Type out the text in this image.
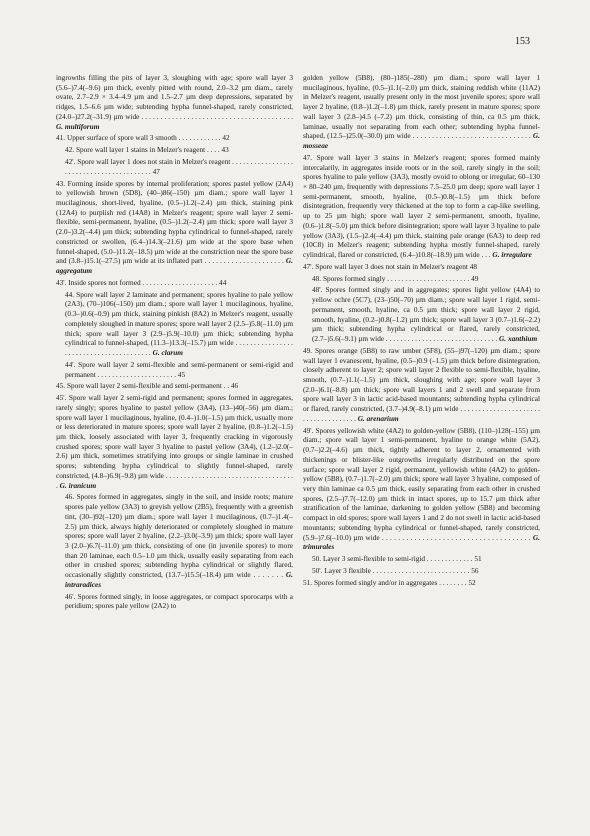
153

ingrowths filling the pits of layer 3, sloughing with age; spore wall layer 3 (5.6–)7.4(–9.6) µm thick, evenly pitted with round, 2.0–3.2 µm diam., rarely ovate, 2.7–2.9 × 3.4–4.9 µm and 1.5–2.7 µm deep depressions, separated by ridges, 1.5–6.6 µm wide; subtending hypha funnel-shaped, rarely constricted, (24.0–)27.2(–31.9) µm wide . . . . . . . . . . . . . . . . . . . . . . . . . . . . . . . . . . . . . . . . G. multiforum

41. Upper surface of spore wall 3 smooth . . . . . . . . . . . . 42

42. Spore wall layer 1 stains in Melzer's reagent . . . . 43

42'. Spore wall layer 1 does not stain in Melzer's reagent . . . . . . . . . . . . . . . . . . . . . . . . . . . . . . . . . . . . . . . . . 47

43. Forming inside spores by internal proliferation; spores pastel yellow (2A4) to yellowish brown (5D8), (40–)86(–150) µm diam.; spore wall layer 1 mucilaginous, short-lived, hyaline, (0.5–)1.2(–2.4) µm thick, staining pink (12A4) to purplish red (14A8) in Melzer's reagent; spore wall layer 2 semi-flexible, semi-permanent, hyaline, (0.5–)1.2(–2.4) µm thick; spore wall layer 3 (2.0–)3.2(–4.4) µm thick; subtending hypha cylindrical to funnel-shaped, rarely constricted or swollen, (6.4–)14.3(–21.6) µm wide at the spore base when funnel-shaped, (5.0–)11.2(–18.5) µm wide at the constriction near the spore base and (3.8–)15.1(–27.5) µm wide at its inflated part . . . . . . . . . . . . . . . . . . . . . G. aggregatum

43'. Inside spores not formed . . . . . . . . . . . . . . . . . . . . . 44

44. Spore wall layer 2 laminate and permanent; spores hyaline to pale yellow (2A3), (70–)106(–150) µm diam.; spore wall layer 1 mucilaginous, hyaline, (0.3–)0.6(–0.9) µm thick, staining pinkish (8A2) in Melzer's reagent, usually completely sloughed in mature spores; spore wall layer 2 (2.5–)5.8(–11.0) µm thick; spore wall layer 3 (2.9–)5.9(–10.0) µm thick; subtending hypha cylindrical to funnel-shaped, (11.3–)13.3(–15.7) µm wide . . . . . . . . . . . . . . . . . . . . . . . . . . . . . . . . . . . . . . . . G. clarum

44'. Spore wall layer 2 semi-flexible and semi-permanent or semi-rigid and permanent . . . . . . . . . . . . . . . . . . . . . . 45

45. Spore wall layer 2 semi-flexible and semi-permanent . . 46

45'. Spore wall layer 2 semi-rigid and permanent; spores formed in aggregates, rarely singly; spores hyaline to pastel yellow (3A4), (13–)40(–56) µm diam.; spore wall layer 1 mucilaginous, hyaline, (0.4–)1.0(–1.5) µm thick, usually more or less deteriorated in mature spores; spore wall layer 2 hyaline, (0.8–)1.2(–1.5) µm thick, loosely associated with layer 3, frequently cracking in vigorously crushed spores; spore wall layer 3 hyaline to pastel yellow (3A4), (1.2–)2.0(–2.6) µm thick, sometimes stratifying into groups or single laminae in crushed spores; subtending hypha cylindrical to slightly funnel-shaped, rarely constricted, (4.8–)6.9(–9.8) µm wide . . . . . . . . . . . . . . . . . . . . . . . . . . . . . . . . . . . . G. iranicum

46. Spores formed in aggregates, singly in the soil, and inside roots; mature spores pale yellow (3A3) to greyish yellow (2B5), frequently with a greenish tint, (30–)92(–120) µm diam.; spore wall layer 1 mucilaginous, (0.7–)1.4(–2.5) µm thick, always highly deteriorated or completely sloughed in mature spores; spore wall layer 2 hyaline, (2.2–)3.0(–3.9) µm thick; spore wall layer 3 (2.0–)6.7(–11.0) µm thick, consisting of one (in juvenile spores) to more than 20 laminae, each 0.5–1.0 µm thick, usually easily separating from each other in crushed spores; subtending hypha cylindrical or slightly flared, occasionally slightly constricted, (13.7–)15.5(–18.4) µm wide . . . . . . . G. intraradices

46'. Spores formed singly, in loose aggregates, or compact sporocarps with a peridium; spores pale yellow (2A2) to

golden yellow (5B8), (80–)185(–280) µm diam.; spore wall layer 1 mucilaginous, hyaline, (0.5–)1.1(–2.0) µm thick, staining reddish white (11A2) in Melzer's reagent, usually present only in the most juvenile spores; spore wall layer 2 hyaline, (0.8–)1.2(–1.8) µm thick, rarely present in mature spores; spore wall layer 3 (2.8–)4.5 (–7.2) µm thick, consisting of thin, ca 0.5 µm thick, laminae, usually not separating from each other; subtending hypha funnel-shaped, (12.5–)25.0(–30.0) µm wide . . . . . . . . . . . . . . . . . . . . . . . . . . . . . . . G. mosseae

47. Spore wall layer 3 stains in Melzer's reagent; spores formed mainly intercalarily, in aggregates inside roots or in the soil, rarely singly in the soil; spores hyaline to pale yellow (3A3), mostly ovoid to oblong or irregular, 60–130 × 80–240 µm, frequently with depressions 7.5–25.0 µm deep; spore wall layer 1 semi-permanent, smooth, hyaline, (0.5–)0.8(–1.5) µm thick before disintegration, frequently very thickened at the top to form a cap-like swelling, up to 25 µm high; spore wall layer 2 semi-permanent, smooth, hyaline, (0.6–)1.8(–5.0) µm thick before disintegration; spore wall layer 3 hyaline to pale yellow (3A3), (1.5–)2.4(–4.4) µm thick, staining pale orange (6A3) to deep red (10C8) in Melzer's reagent; subtending hypha mostly funnel-shaped, rarely cylindrical, flared or constricted, (6.4–)10.8(–18.9) µm wide . . . G. irregulare

47'. Spore wall layer 3 does not stain in Melzer's reagent 48

48. Spores formed singly . . . . . . . . . . . . . . . . . . . . . . . 49

48'. Spores formed singly and in aggregates; spores light yellow (4A4) to yellow ochre (5C7), (23–)50(–70) µm diam.; spore wall layer 1 rigid, semi-permanent, smooth, hyaline, ca 0.5 µm thick; spore wall layer 2 rigid, smooth, hyaline, (0.2–)0.8(–1.2) µm thick; spore wall layer 3 (0.7–)1.6(–2.2) µm thick; subtending hypha cylindrical or flared, rarely constricted, (2.7–)5.6(–9.1) µm wide . . . . . . . . . . . . . . . . . . . . . . . . . . . . . . . G. xanthium

49. Spores orange (5B8) to raw umber (5F8), (55–)97(–120) µm diam.; spore wall layer 1 evanescent, hyaline, (0.5–)0.9 (–1.5) µm thick before disintegration, closely adherent to layer 2; spore wall layer 2 flexible to semi-flexible, hyaline, smooth, (0.7–)1.1(–1.5) µm thick, sloughing with age; spore wall layer 3 (2.0–)6.1(–8.8) µm thick; spore wall layers 1 and 2 swell and separate from spore wall layer 3 in lactic acid-based mountants; subtending hypha cylindrical or flared, rarely constricted, (3.7–)4.9(–8.1) µm wide . . . . . . . . . . . . . . . . . . . . . . . . . . . . . . . . . . . . . G. arenarium

49'. Spores yellowish white (4A2) to golden-yellow (5B8), (110–)128(–155) µm diam.; spore wall layer 1 semi-permanent, hyaline to orange white (5A2), (0.7–)2.2(–4.6) µm thick, tightly adherent to layer 2, ornamented with thickenings or blister-like outgrowths irregularly distributed on the spore surface; spore wall layer 2 rigid, permanent, yellowish white (4A2) to golden-yellow (5B8), (0.7–)1.7(–2.0) µm thick; spore wall layer 3 hyaline, composed of very thin laminae ca 0.5 µm thick, easily separating from each other in crushed spores, (2.5–)7.7(–12.0) µm thick in intact spores, up to 15.7 µm thick after stratification of the laminae, darkening to golden yellow (5B8) and becoming compact in old spores; spore wall layers 1 and 2 do not swell in lactic acid-based mountants; subtending hypha cylindrical or funnel-shaped, rarely constricted, (5.9–)7.6(–10.0) µm wide . . . . . . . . . . . . . . . . . . . . . . . . . . . . . . . . . . . . . G. trimurales

50. Layer 3 semi-flexible to semi-rigid . . . . . . . . . . . . . 51

50'. Layer 3 flexible . . . . . . . . . . . . . . . . . . . . . . . . . . . 56

51. Spores formed singly and/or in aggregates . . . . . . . . 52
